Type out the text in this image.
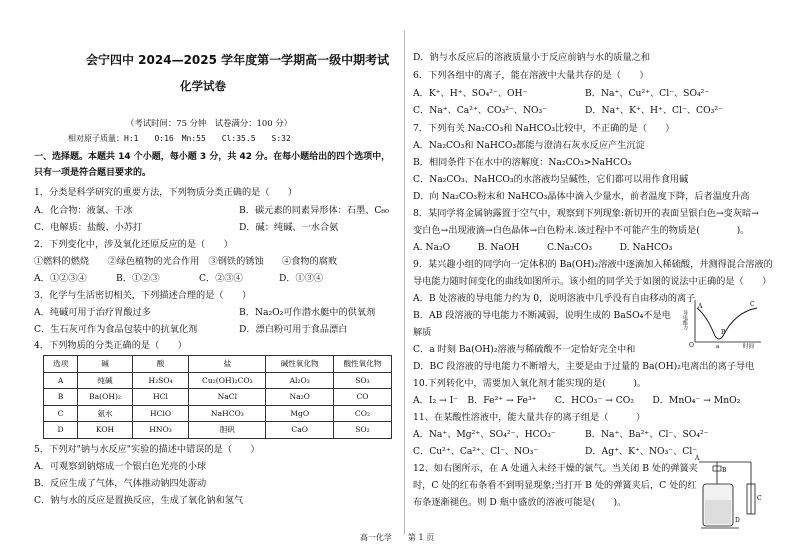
会宁四中 2024—2025 学年度第一学期高一级中期考试
化学试卷
（考试时间：75 分钟　试卷满分：100 分）
相对原子质量：H:1　　O:16　Mn:55　　Cl:35.5　　S:32
一、选择题。本题共 14 个小题，每小题 3 分，共 42 分。在每小题给出的四个选项中，
只有一项是符合题目要求的。
1．分类是科学研究的重要方法，下列物质分类正确的是（　　）
A．化合物：液氯、干冰	B．碳元素的同素异形体：石墨、C₆₀
C．电解质：盐酸、小苏打	D．碱：纯碱、一水合氨
2．下列变化中，涉及氧化还原反应的是（　　）
①燃料的燃烧　　②绿色植物的光合作用　③钢铁的锈蚀　　④食物的腐败
A．①②③④	B．①②③	C．②③④	D．①③④
3．化学与生活密切相关，下列描述合理的是（　　）
A．纯碱可用于治疗胃酸过多	B．Na₂O₂可作潜水艇中的供氧剂
C．生石灰可作为食品包装中的抗氧化剂	D．漂白粉可用于食品漂白
4．下列物质的分类正确的是（　　）
选项	碱	酸	盐	碱性氧化物	酸性氧化物
A	纯碱	H₂SO₄	Cu₂(OH)₂CO₃	Al₂O₃	SO₃
B	Ba(OH)₂	HCl	NaCl	Na₂O	CO
C	氨水	HClO	NaHCO₃	MgO	CO₂
D	KOH	HNO₃	胆矾	CaO	SO₂
5．下列对"钠与水反应"实验的描述中错误的是（　　）
A．可观察到钠熔成一个银白色光亮的小球
B．反应生成了气体，气体推动钠四处游动
C．钠与水的反应是置换反应，生成了氧化钠和氢气
D．钠与水反应后的溶液质量小于反应前钠与水的质量之和
6．下列各组中的离子，能在溶液中大量共存的是（　　）
A．K⁺、H⁺、SO₄²⁻、OH⁻	B．Na⁺、Cu²⁺、Cl⁻、SO₄²⁻
C．Na⁺、Ca²⁺、CO₃²⁻、NO₃⁻	D．Na⁺、K⁺、H⁺、Cl⁻、CO₃²⁻
7．下列有关 Na₂CO₃和 NaHCO₃比较中，不正确的是（　　）
A．Na₂CO₃和 NaHCO₃都能与澄清石灰水反应产生沉淀
B．相同条件下在水中的溶解度：Na₂CO₃>NaHCO₃
C．Na₂CO₃、NaHCO₃的水溶液均呈碱性，它们都可以用作食用碱
D．向 Na₂CO₃粉末和 NaHCO₃晶体中滴入少量水，前者温度下降，后者温度升高
8．某同学将金属钠露置于空气中，观察到下列现象:新切开的表面呈银白色→变灰暗→
变白色→出现液滴→白色晶体→白色粉末.该过程中不可能产生的物质是(　　　　)。
A. Na₂O　　　B. NaOH　　　C.Na₂CO₃　　　D. NaHCO₃
9．某兴趣小组的同学向一定体积的 Ba(OH)₂溶液中逐滴加入稀硫酸，并测得混合溶液的
导电能力随时间变化的曲线如图所示。该小组的同学关于如图的说法中正确的是（　　）
A．B 处溶液的导电能力约为 0，说明溶液中几乎没有自由移动的离子
B．AB 段溶液的导电能力不断减弱，说明生成的 BaSO₄不是电
解质
C．a 时刻 Ba(OH)₂溶液与稀硫酸不一定恰好完全中和
D．BC 段溶液的导电能力不断增大，主要是由于过量的 Ba(OH)₂电离出的离子导电
A
B
C
O	a	时间
导电能力
10.下列转化中，需要加入氧化剂才能实现的是(　　　)。
A．I₂ → I⁻　B．Fe²⁺ → Fe³⁺　　C．HCO₃⁻ → CO₂　　D．MnO₄⁻ → MnO₂
11、在某酸性溶液中，能大量共存的离子组是（　　　）
A．Na⁺、Mg²⁺、SO₄²⁻、HCO₃⁻	B．Na⁺、Ba²⁺、Cl⁻、SO₄²⁻
C．Cu²⁺、Ca²⁺、Cl⁻、NO₃⁻	D．Ag⁺、K⁺、NO₃⁻、Cl⁻
12、如右图所示，在 A 处通入未经干燥的氯气。当关闭 B 处的弹簧夹
时，C 处的红布条看不到明显现象;当打开 B 处的弹簧夹后，C 处的红
布条逐渐褪色。则 D 瓶中盛放的溶液可能是(　　)。
A
B
C
D
高一化学　　第 1 页
